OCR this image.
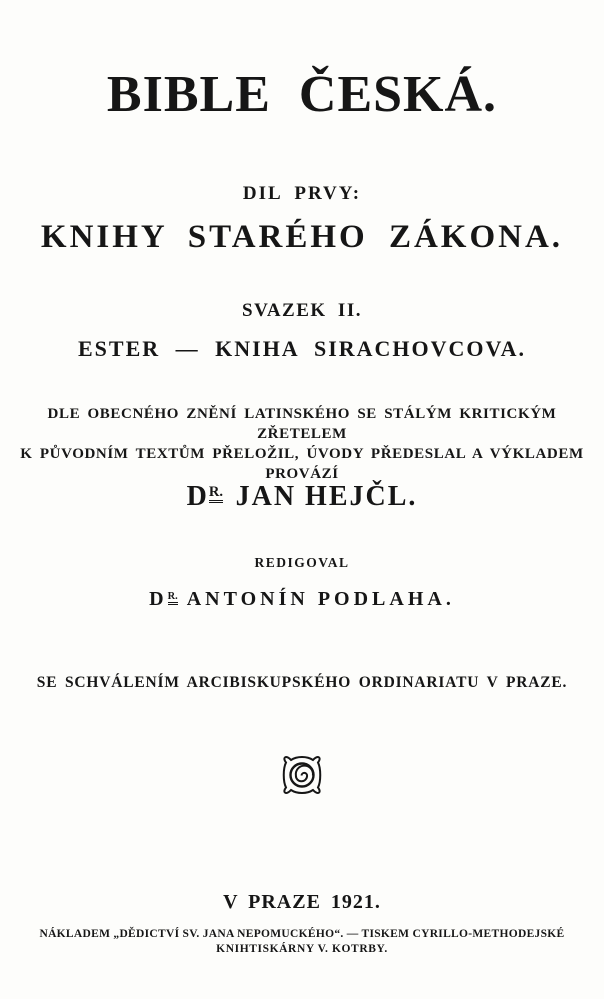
BIBLE ČESKÁ.
DIL PRVY:
KNIHY STARÉHO ZÁKONA.
SVAZEK II.
ESTER — KNIHA SIRACHOVCOVA.

DLE OBECNÉHO ZNĚNÍ LATINSKÉHO SE STÁLÝM KRITICKÝM ZŘETELEM
K PŮVODNÍM TEXTŮM PŘELOŽIL, ÚVODY PŘEDESLAL A VÝKLADEM
PROVÁZÍ

$D^{R.}$ JAN HEJČL.
REDIGOVAL
$D^{R.}$ ANTONÍN PODLAHA.
SE SCHVÁLENÍM ARCIBISKUPSKÉHO ORDINARIATU V PRAZE.
V PRAZE 1921.
NÁKLADEM „DĚDICTVÍ SV. JANA NEPOMUCKÉHO“. — TISKEM CYRILLO-METHODEJSKÉ
KNIHTISKÁRNY V. KOTRBY.
